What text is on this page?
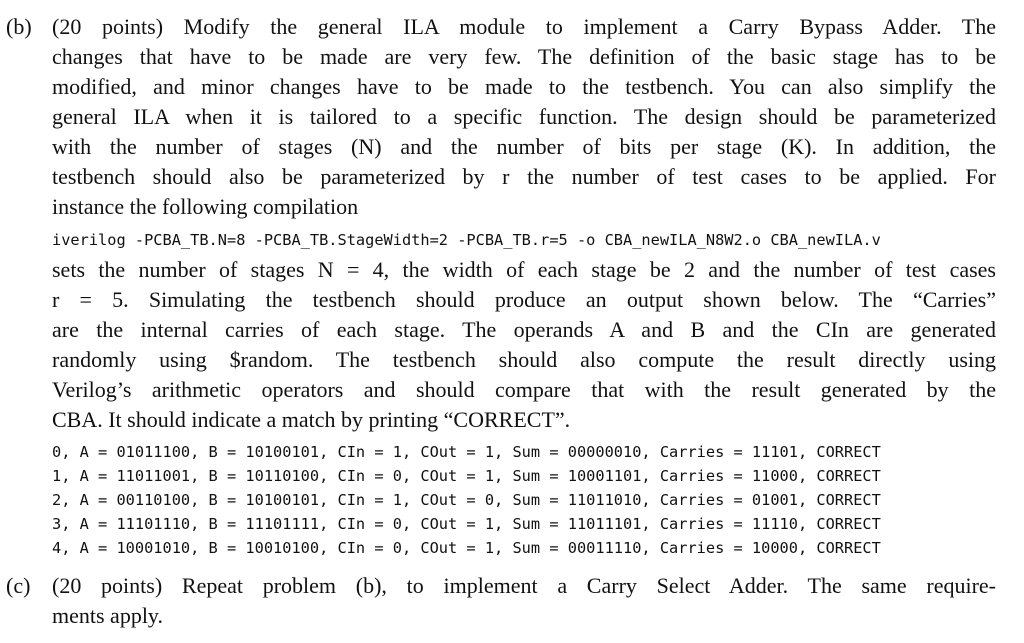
(b) (20 points) Modify the general ILA module to implement a Carry Bypass Adder. The
changes that have to be made are very few. The definition of the basic stage has to be
modified, and minor changes have to be made to the testbench. You can also simplify the
general ILA when it is tailored to a specific function. The design should be parameterized
with the number of stages (N) and the number of bits per stage (K). In addition, the
testbench should also be parameterized by r the number of test cases to be applied. For
instance the following compilation
iverilog -PCBA_TB.N=8 -PCBA_TB.StageWidth=2 -PCBA_TB.r=5 -o CBA_newILA_N8W2.o CBA_newILA.v
sets the number of stages N = 4, the width of each stage be 2 and the number of test cases
r = 5. Simulating the testbench should produce an output shown below. The “Carries”
are the internal carries of each stage. The operands A and B and the CIn are generated
randomly using $random. The testbench should also compute the result directly using
Verilog’s arithmetic operators and should compare that with the result generated by the
CBA. It should indicate a match by printing “CORRECT”.
0, A = 01011100, B = 10100101, CIn = 1, COut = 1, Sum = 00000010, Carries = 11101, CORRECT
1, A = 11011001, B = 10110100, CIn = 0, COut = 1, Sum = 10001101, Carries = 11000, CORRECT
2, A = 00110100, B = 10100101, CIn = 1, COut = 0, Sum = 11011010, Carries = 01001, CORRECT
3, A = 11101110, B = 11101111, CIn = 0, COut = 1, Sum = 11011101, Carries = 11110, CORRECT
4, A = 10001010, B = 10010100, CIn = 0, COut = 1, Sum = 00011110, Carries = 10000, CORRECT
(c) (20 points) Repeat problem (b), to implement a Carry Select Adder. The same require-
ments apply.
